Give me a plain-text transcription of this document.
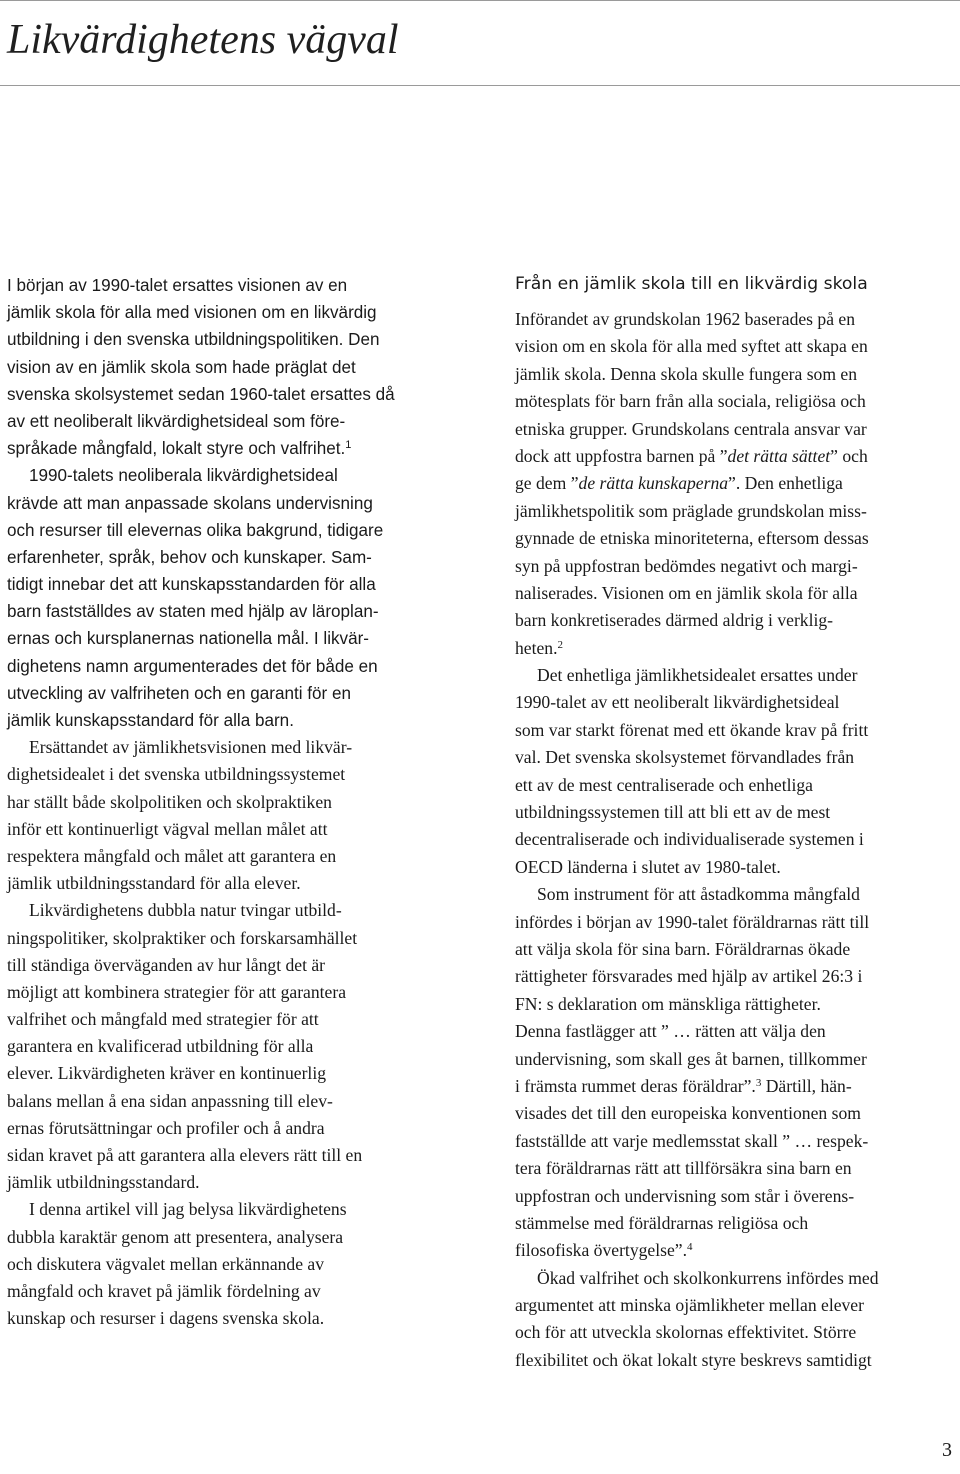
Likvärdighetens vägval

I början av 1990-talet ersattes visionen av en
jämlik skola för alla med visionen om en likvärdig
utbildning i den svenska utbildningspolitiken. Den
vision av en jämlik skola som hade präglat det
svenska skolsystemet sedan 1960-talet ersattes då
av ett neoliberalt likvärdighetsideal som före-
språkade mångfald, lokalt styre och valfrihet.$^1$

1990-talets neoliberala likvärdighetsideal
krävde att man anpassade skolans undervisning
och resurser till elevernas olika bakgrund, tidigare
erfarenheter, språk, behov och kunskaper. Sam-
tidigt innebar det att kunskapsstandarden för alla
barn fastställdes av staten med hjälp av läroplan-
ernas och kursplanernas nationella mål. I likvär-
dighetens namn argumenterades det för både en
utveckling av valfriheten och en garanti för en
jämlik kunskapsstandard för alla barn.

Ersättandet av jämlikhetsvisionen med likvär-
dighetsidealet i det svenska utbildningssystemet
har ställt både skolpolitiken och skolpraktiken
inför ett kontinuerligt vägval mellan målet att
respektera mångfald och målet att garantera en
jämlik utbildningsstandard för alla elever.

Likvärdighetens dubbla natur tvingar utbild-
ningspolitiker, skolpraktiker och forskarsamhället
till ständiga överväganden av hur långt det är
möjligt att kombinera strategier för att garantera
valfrihet och mångfald med strategier för att
garantera en kvalificerad utbildning för alla
elever. Likvärdigheten kräver en kontinuerlig
balans mellan å ena sidan anpassning till elev-
ernas förutsättningar och profiler och å andra
sidan kravet på att garantera alla elevers rätt till en
jämlik utbildningsstandard.

I denna artikel vill jag belysa likvärdighetens
dubbla karaktär genom att presentera, analysera
och diskutera vägvalet mellan erkännande av
mångfald och kravet på jämlik fördelning av
kunskap och resurser i dagens svenska skola.

Från en jämlik skola till en likvärdig skola

Införandet av grundskolan 1962 baserades på en
vision om en skola för alla med syftet att skapa en
jämlik skola. Denna skola skulle fungera som en
mötesplats för barn från alla sociala, religiösa och
etniska grupper. Grundskolans centrala ansvar var
dock att uppfostra barnen på ”det rätta sättet” och
ge dem ”de rätta kunskaperna”. Den enhetliga
jämlikhetspolitik som präglade grundskolan miss-
gynnade de etniska minoriteterna, eftersom dessas
syn på uppfostran bedömdes negativt och margi-
naliserades. Visionen om en jämlik skola för alla
barn konkretiserades därmed aldrig i verklig-
heten.$^2$

Det enhetliga jämlikhetsidealet ersattes under
1990-talet av ett neoliberalt likvärdighetsideal
som var starkt förenat med ett ökande krav på fritt
val. Det svenska skolsystemet förvandlades från
ett av de mest centraliserade och enhetliga
utbildningssystemen till att bli ett av de mest
decentraliserade och individualiserade systemen i
OECD länderna i slutet av 1980-talet.

Som instrument för att åstadkomma mångfald
infördes i början av 1990-talet föräldrarnas rätt till
att välja skola för sina barn. Föräldrarnas ökade
rättigheter försvarades med hjälp av artikel 26:3 i
FN: s deklaration om mänskliga rättigheter.
Denna fastlägger att ” … rätten att välja den
undervisning, som skall ges åt barnen, tillkommer
i främsta rummet deras föräldrar”.$^3$ Därtill, hän-
visades det till den europeiska konventionen som
fastställde att varje medlemsstat skall ” … respek-
tera föräldrarnas rätt att tillförsäkra sina barn en
uppfostran och undervisning som står i överens-
stämmelse med föräldrarnas religiösa och
filosofiska övertygelse”.$^4$

Ökad valfrihet och skolkonkurrens infördes med
argumentet att minska ojämlikheter mellan elever
och för att utveckla skolornas effektivitet. Större
flexibilitet och ökat lokalt styre beskrevs samtidigt

3
